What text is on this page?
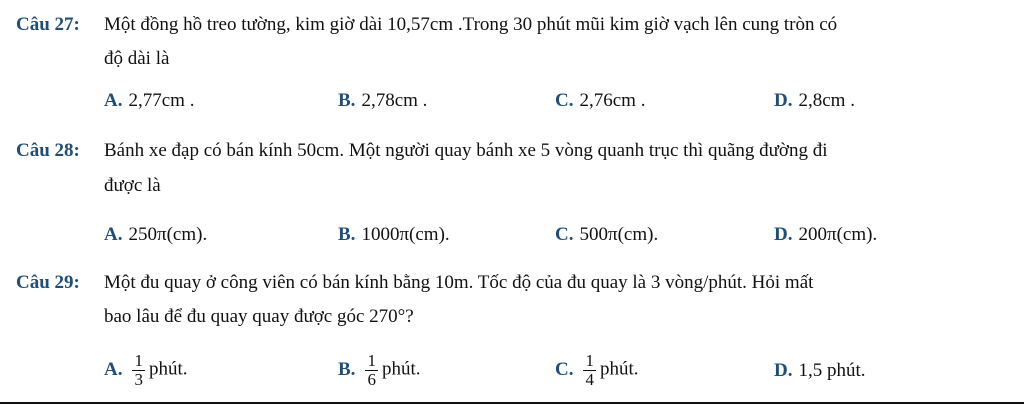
Câu 27: Một đồng hồ treo tường, kim giờ dài 10,57cm .Trong 30 phút mũi kim giờ vạch lên cung tròn có
độ dài là
A. 2,77cm .	B. 2,78cm .	C. 2,76cm .	D. 2,8cm .
Câu 28: Bánh xe đạp có bán kính 50cm. Một người quay bánh xe 5 vòng quanh trục thì quãng đường đi
được là
A. 250π(cm).	B. 1000π(cm).	C. 500π(cm).	D. 200π(cm).
Câu 29: Một đu quay ở công viên có bán kính bằng 10m. Tốc độ của đu quay là 3 vòng/phút. Hỏi mất
bao lâu để đu quay quay được góc 270°?
A. $\frac{1}{3}$ phút.	B. $\frac{1}{6}$ phút.	C. $\frac{1}{4}$ phút.	D. 1,5 phút.
